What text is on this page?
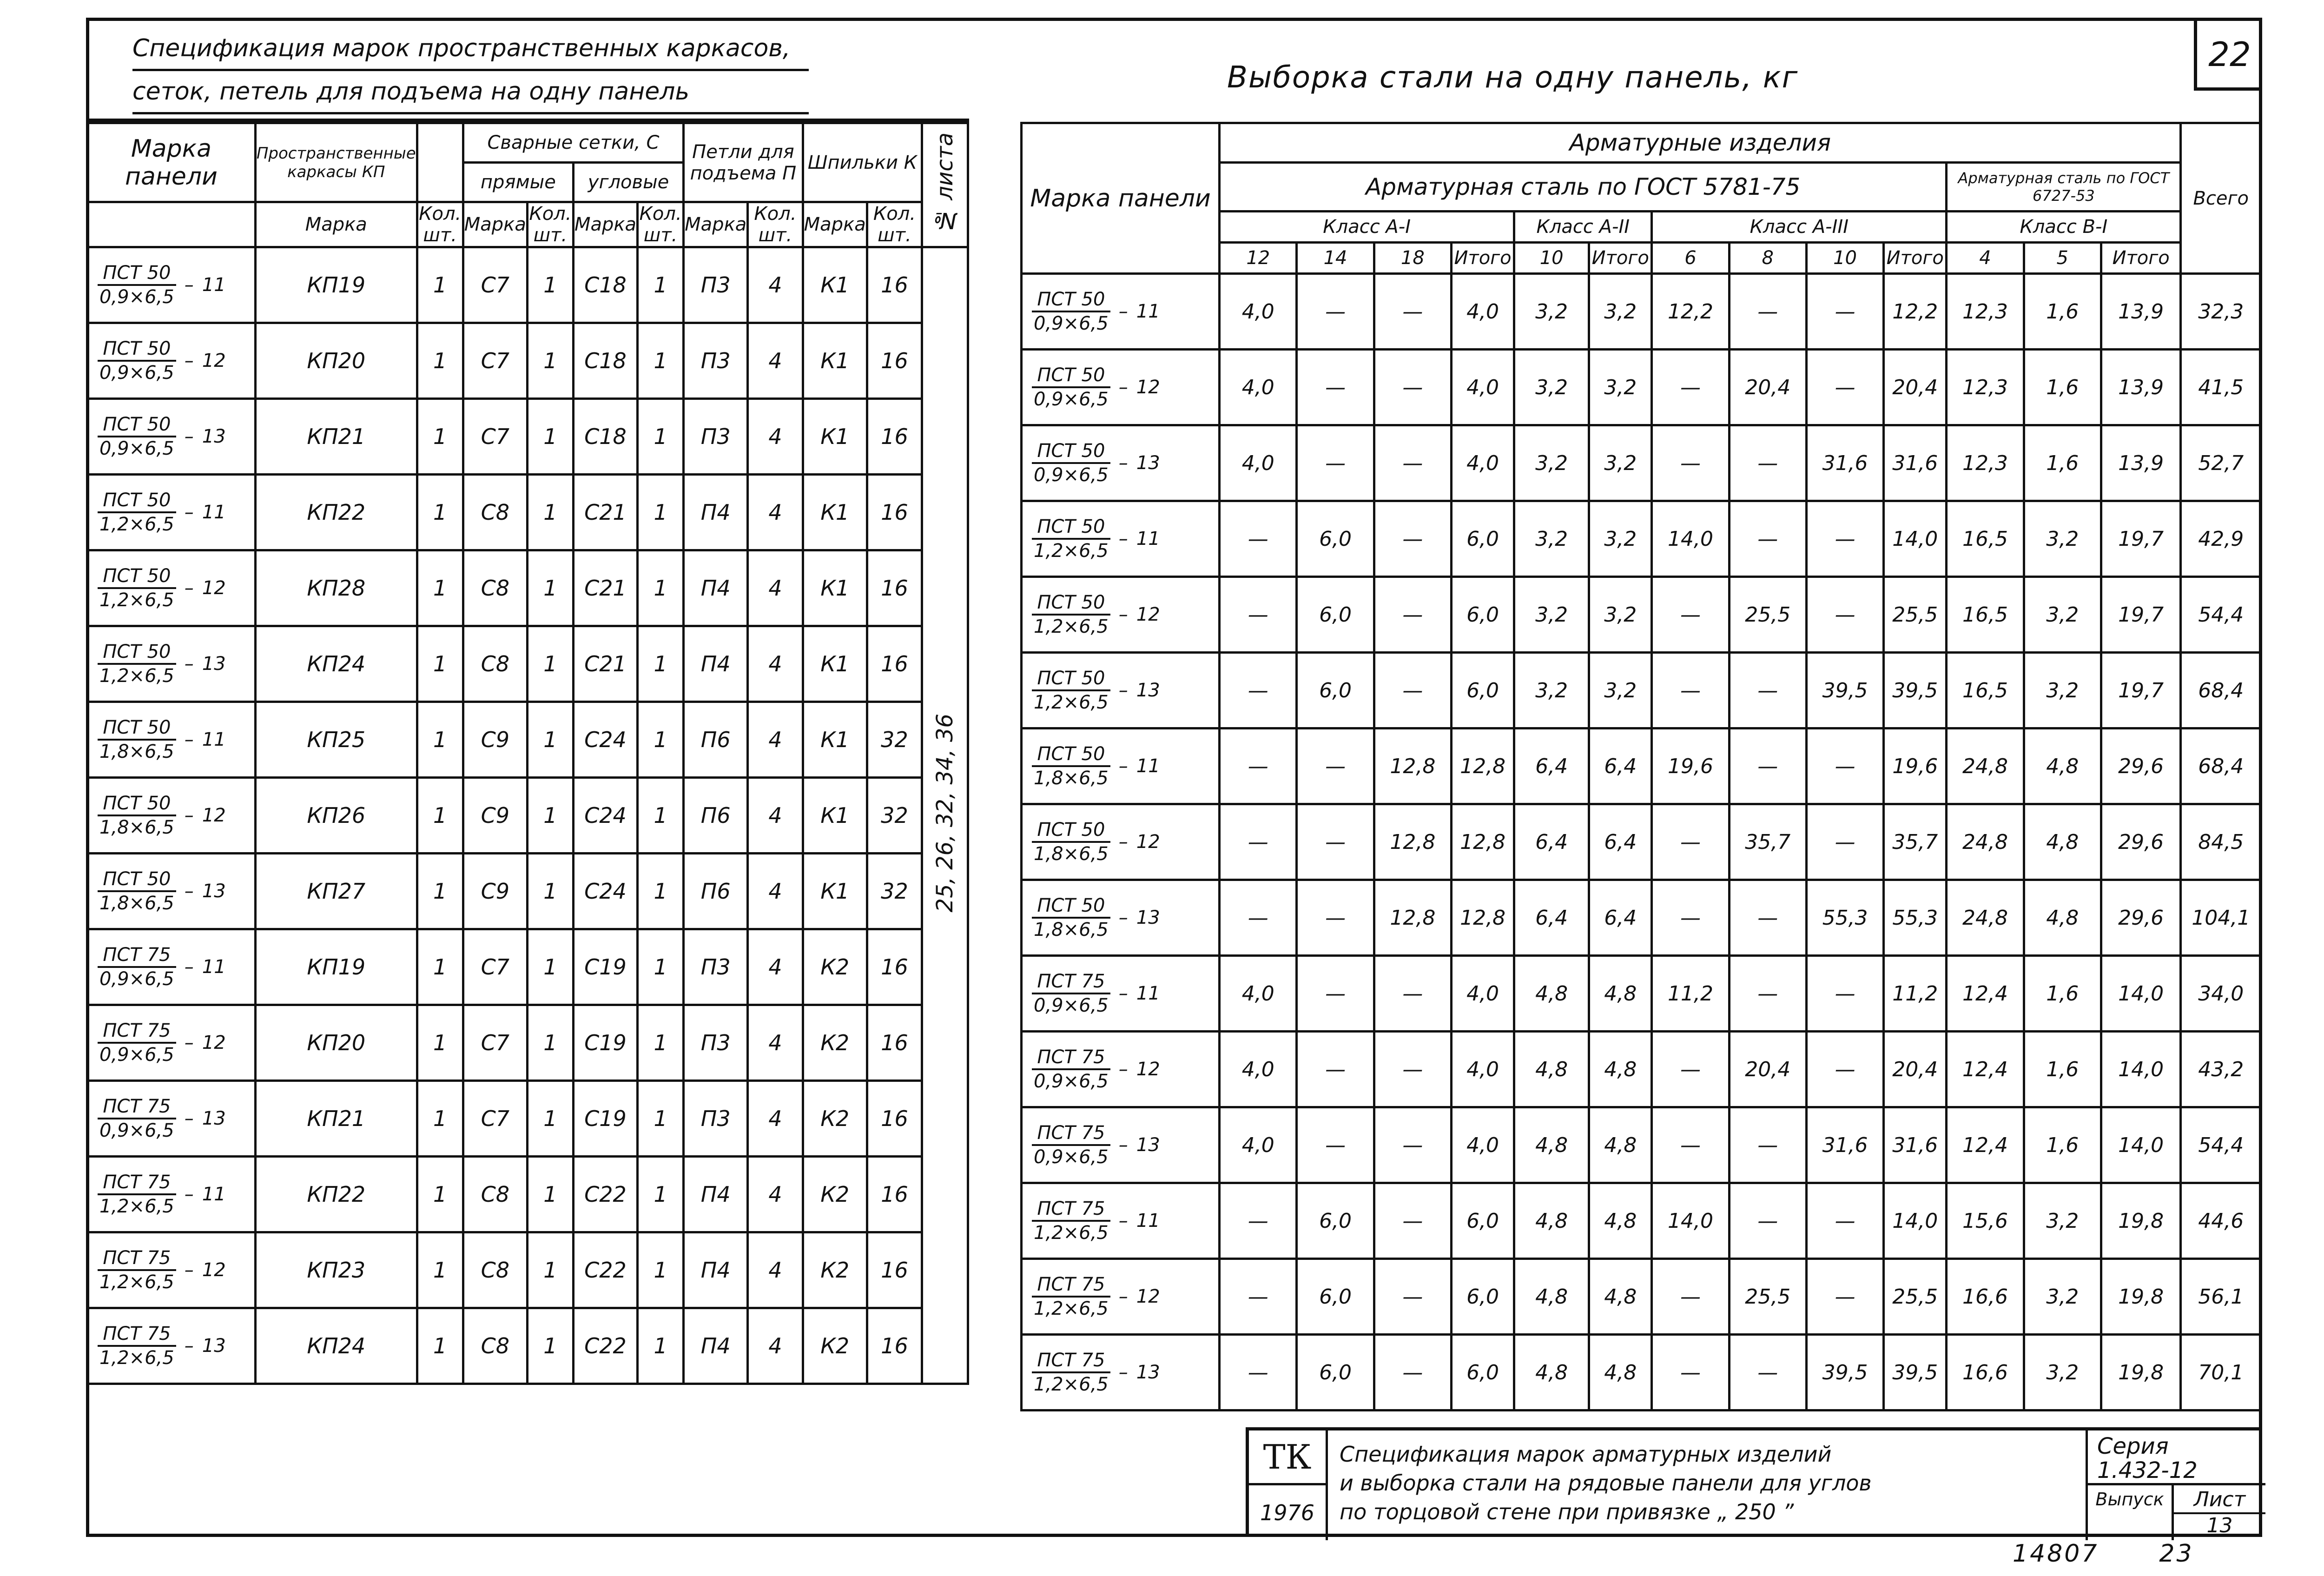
22
Спецификация марок пространственных каркасов,
сеток, петель для подъема на одну панель	Выборка стали на одну панель, кг
Марка панели	Пространственные каркасы КП		Сварные сетки, С				Петли для подъема П		Шпильки К		№ листа
			прямые		угловые						
	Марка	Кол. шт.	Марка	Кол. шт.	Марка	Кол. шт.	Марка	Кол. шт.	Марка	Кол. шт.	

$\frac{\text{ПСТ 50}}{0,9\times 6,5} - 11$	КП19	1	С7	1	С18	1	П3	4	К1	16	25, 26, 32, 34, 36

$\frac{\text{ПСТ 50}}{0,9\times 6,5} - 12$	КП20	1	С7	1	С18	1	П3	4	К1	16	

$\frac{\text{ПСТ 50}}{0,9\times 6,5} - 13$	КП21	1	С7	1	С18	1	П3	4	К1	16	

$\frac{\text{ПСТ 50}}{1,2\times 6,5} - 11$	КП22	1	С8	1	С21	1	П4	4	К1	16	

$\frac{\text{ПСТ 50}}{1,2\times 6,5} - 12$	КП28	1	С8	1	С21	1	П4	4	К1	16	

$\frac{\text{ПСТ 50}}{1,2\times 6,5} - 13$	КП24	1	С8	1	С21	1	П4	4	К1	16	

$\frac{\text{ПСТ 50}}{1,8\times 6,5} - 11$	КП25	1	С9	1	С24	1	П6	4	К1	32	

$\frac{\text{ПСТ 50}}{1,8\times 6,5} - 12$	КП26	1	С9	1	С24	1	П6	4	К1	32	

$\frac{\text{ПСТ 50}}{1,8\times 6,5} - 13$	КП27	1	С9	1	С24	1	П6	4	К1	32	

$\frac{\text{ПСТ 75}}{0,9\times 6,5} - 11$	КП19	1	С7	1	С19	1	П3	4	К2	16	

$\frac{\text{ПСТ 75}}{0,9\times 6,5} - 12$	КП20	1	С7	1	С19	1	П3	4	К2	16	

$\frac{\text{ПСТ 75}}{0,9\times 6,5} - 13$	КП21	1	С7	1	С19	1	П3	4	К2	16	

$\frac{\text{ПСТ 75}}{1,2\times 6,5} - 11$	КП22	1	С8	1	С22	1	П4	4	К2	16	

$\frac{\text{ПСТ 75}}{1,2\times 6,5} - 12$	КП23	1	С8	1	С22	1	П4	4	К2	16	

$\frac{\text{ПСТ 75}}{1,2\times 6,5} - 13$	КП24	1	С8	1	С22	1	П4	4	К2	16	

Марка панели	Арматурные изделия													Всего
	Арматурная сталь по ГОСТ 5781-75										Арматурная сталь по ГОСТ 6727-53			
	Класс А-I				Класс А-II		Класс А-III				Класс В-I			
	12	14	18	Итого	10	Итого	6	8	10	Итого	4	5	Итого	

$\frac{\text{ПСТ 50}}{0,9\times 6,5} - 11$	4,0	—	—	4,0	3,2	3,2	12,2	—	—	12,2	12,3	1,6	13,9	32,3

$\frac{\text{ПСТ 50}}{0,9\times 6,5} - 12$	4,0	—	—	4,0	3,2	3,2	—	20,4	—	20,4	12,3	1,6	13,9	41,5

$\frac{\text{ПСТ 50}}{0,9\times 6,5} - 13$	4,0	—	—	4,0	3,2	3,2	—	—	31,6	31,6	12,3	1,6	13,9	52,7

$\frac{\text{ПСТ 50}}{1,2\times 6,5} - 11$	—	6,0	—	6,0	3,2	3,2	14,0	—	—	14,0	16,5	3,2	19,7	42,9

$\frac{\text{ПСТ 50}}{1,2\times 6,5} - 12$	—	6,0	—	6,0	3,2	3,2	—	25,5	—	25,5	16,5	3,2	19,7	54,4

$\frac{\text{ПСТ 50}}{1,2\times 6,5} - 13$	—	6,0	—	6,0	3,2	3,2	—	—	39,5	39,5	16,5	3,2	19,7	68,4

$\frac{\text{ПСТ 50}}{1,8\times 6,5} - 11$	—	—	12,8	12,8	6,4	6,4	19,6	—	—	19,6	24,8	4,8	29,6	68,4

$\frac{\text{ПСТ 50}}{1,8\times 6,5} - 12$	—	—	12,8	12,8	6,4	6,4	—	35,7	—	35,7	24,8	4,8	29,6	84,5

$\frac{\text{ПСТ 50}}{1,8\times 6,5} - 13$	—	—	12,8	12,8	6,4	6,4	—	—	55,3	55,3	24,8	4,8	29,6	104,1

$\frac{\text{ПСТ 75}}{0,9\times 6,5} - 11$	4,0	—	—	4,0	4,8	4,8	11,2	—	—	11,2	12,4	1,6	14,0	34,0

$\frac{\text{ПСТ 75}}{0,9\times 6,5} - 12$	4,0	—	—	4,0	4,8	4,8	—	20,4	—	20,4	12,4	1,6	14,0	43,2

$\frac{\text{ПСТ 75}}{0,9\times 6,5} - 13$	4,0	—	—	4,0	4,8	4,8	—	—	31,6	31,6	12,4	1,6	14,0	54,4

$\frac{\text{ПСТ 75}}{1,2\times 6,5} - 11$	—	6,0	—	6,0	4,8	4,8	14,0	—	—	14,0	15,6	3,2	19,8	44,6

$\frac{\text{ПСТ 75}}{1,2\times 6,5} - 12$	—	6,0	—	6,0	4,8	4,8	—	25,5	—	25,5	16,6	3,2	19,8	56,1

$\frac{\text{ПСТ 75}}{1,2\times 6,5} - 13$	—	6,0	—	6,0	4,8	4,8	—	—	39,5	39,5	16,6	3,2	19,8	70,1
ТК
1976
Спецификация марок арматурных изделий
и выборка стали на рядовые панели для углов
по торцовой стене при привязке „ 250 ”
Серия
1.432-12
Выпуск	Лист
13
14807	23
